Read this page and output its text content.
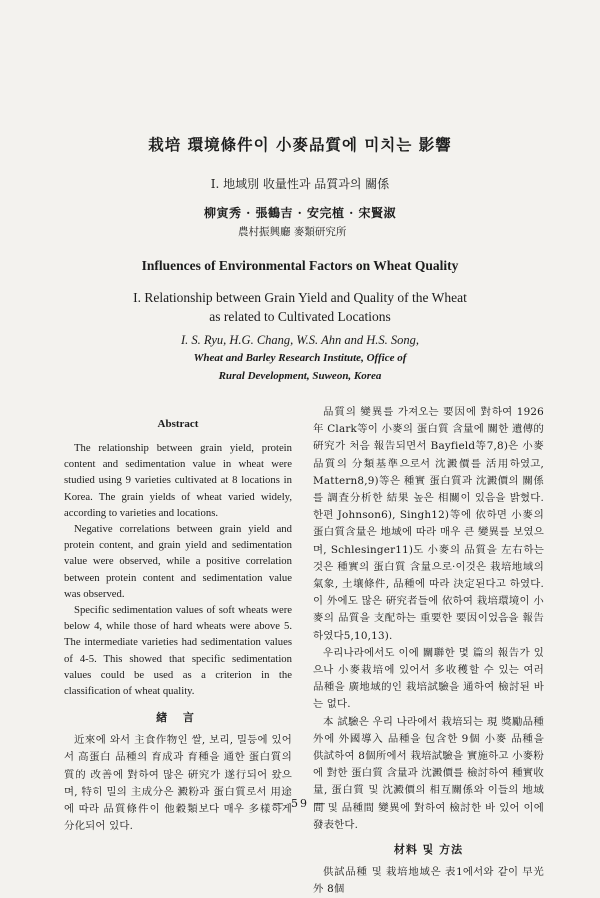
栽培 環境條件이 小麥品質에 미치는 影響
I. 地域別 收量性과 品質과의 關係
柳寅秀 · 張鶴吉 · 安完植 · 宋賢淑
農村振興廳 麥類研究所
Influences of Environmental Factors on Wheat Quality
I. Relationship between Grain Yield and Quality of the Wheat
as related to Cultivated Locations
I. S. Ryu, H.G. Chang, W.S. Ahn and H.S. Song,
Wheat and Barley Research Institute, Office of
Rural Development, Suweon, Korea
Abstract

The relationship between grain yield, protein content and sedimentation value in wheat were studied using 9 varieties cultivated at 8 locations in Korea. The grain yields of wheat varied widely, according to varieties and locations.

Negative correlations between grain yield and protein content, and grain yield and sedimentation value were observed, while a positive correlation between protein content and sedimentation value was observed.

Specific sedimentation values of soft wheats were below 4, while those of hard wheats were above 5. The intermediate varieties had sedimentation values of 4-5. This showed that specific sedimentation values could be used as a criterion in the classification of wheat quality.

緖 言

近來에 와서 主食作物인 쌀, 보리, 밀등에 있어서 高蛋白 品種의 育成과 育種을 通한 蛋白質의 質的 改善에 對하여 많은 硏究가 遂行되어 왔으며, 特히 밀의 主成分은 澱粉과 蛋白質로서 用途에 따라 品質條件이 他穀類보다 매우 多樣하게 分化되어 있다.

品質의 變異를 가져오는 要因에 對하여 1926年 Clark等이 小麥의 蛋白質 含量에 關한 遺傳的 硏究가 처음 報告되면서 Bayfield等7,8)은 小麥品質의 分類基準으로서 沈澱價를 活用하였고, Mattern8,9)等은 種實 蛋白質과 沈澱價의 關係를 調査分析한 結果 높은 相關이 있음을 밝혔다. 한편 Johnson6), Singh12)等에 依하면 小麥의 蛋白質含量은 地域에 따라 매우 큰 變異를 보였으며, Schlesinger11)도 小麥의 品質을 左右하는 것은 種實의 蛋白質 含量으로·이것은 栽培地域의 氣象, 土壤條件, 品種에 따라 決定된다고 하였다. 이 外에도 많은 硏究者들에 依하여 栽培環境이 小麥의 品質을 支配하는 重要한 要因이었음을 報告하였다5,10,13).

우리나라에서도 이에 關聯한 몇 篇의 報告가 있으나 小麥栽培에 있어서 多收穫할 수 있는 여러 品種을 廣地域的인 栽培試驗을 通하여 檢討된 바는 없다.

本 試驗은 우리 나라에서 栽培되는 現 獎勵品種外에 外國導入 品種을 包含한 9個 小麥 品種을 供試하여 8個所에서 栽培試驗을 實施하고 小麥粉에 對한 蛋白質 含量과 沈澱價를 檢討하여 種實收量, 蛋白質 및 沈澱價의 相互關係와 이들의 地域間 및 品種間 變異에 對하여 檢討한 바 있어 이에 發表한다.

材料 및 方法

供試品種 및 栽培地域은 表1에서와 같이 早光外 8個

— 59 —
